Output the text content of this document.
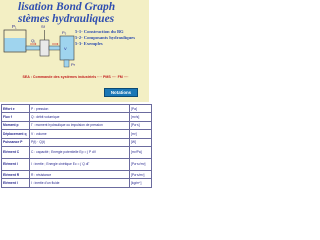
lisation Bond Graph
stèmes hydrauliques
5-1- Construction du BG
5-2- Composants hydrauliques
5-3- Exemples
P₁
Q₁
Sf
P₀
Pr
V
SEA : Commande des systèmes industriels ···· PMS ···· FM ····
Notations
Effort e	P : pression	[Pa]
Flux f	Q : débit volumique	[m³/s]
Moment p	Γ : moment hydraulique ou impulsion de pression	[Pa·s]
Déplacement q	V : volume	[m³]
Puissance P	P(t) · Q(t)	[W]
Elément C	C : capacité ; Energie potentielle Ep = ∫ P dV	[m³/Pa]
Elément I	I : inertie ; Energie cinétique Ec = ∫ Q dΓ	[Pa·s²/m³]
Elément R	R : résistance	[Pa·s/m³]
Elément I	I : inertie d'un fluide	[kg/m⁴]
